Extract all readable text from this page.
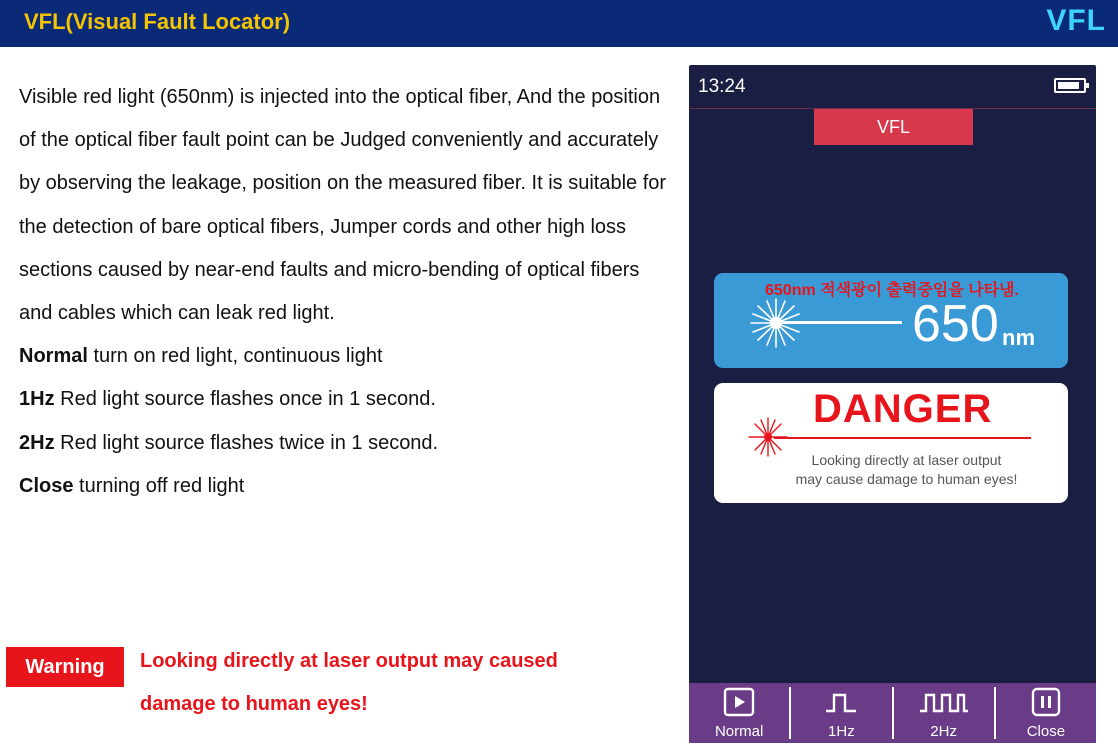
VFL(Visual Fault Locator)	VFL

Visible red light (650nm) is injected into the optical fiber, And the position of the optical fiber fault point can be Judged conveniently and accurately by observing the leakage, position on the measured fiber. It is suitable for the detection of bare optical fibers, Jumper cords and other high loss sections caused by near-end faults and micro-bending of optical fibers and cables which can leak red light.

Normal turn on red light, continuous light

1Hz Red light source flashes once in 1 second.

2Hz Red light source flashes twice in 1 second.

Close turning off red light

Warning	Looking directly at laser output may caused
damage to human eyes!
13:24
VFL
650nm 적색광이 출력중임을 나타냄.
650 nm
DANGER
Looking directly at laser output
may cause damage to human eyes!
Normal	1Hz	2Hz	Close
